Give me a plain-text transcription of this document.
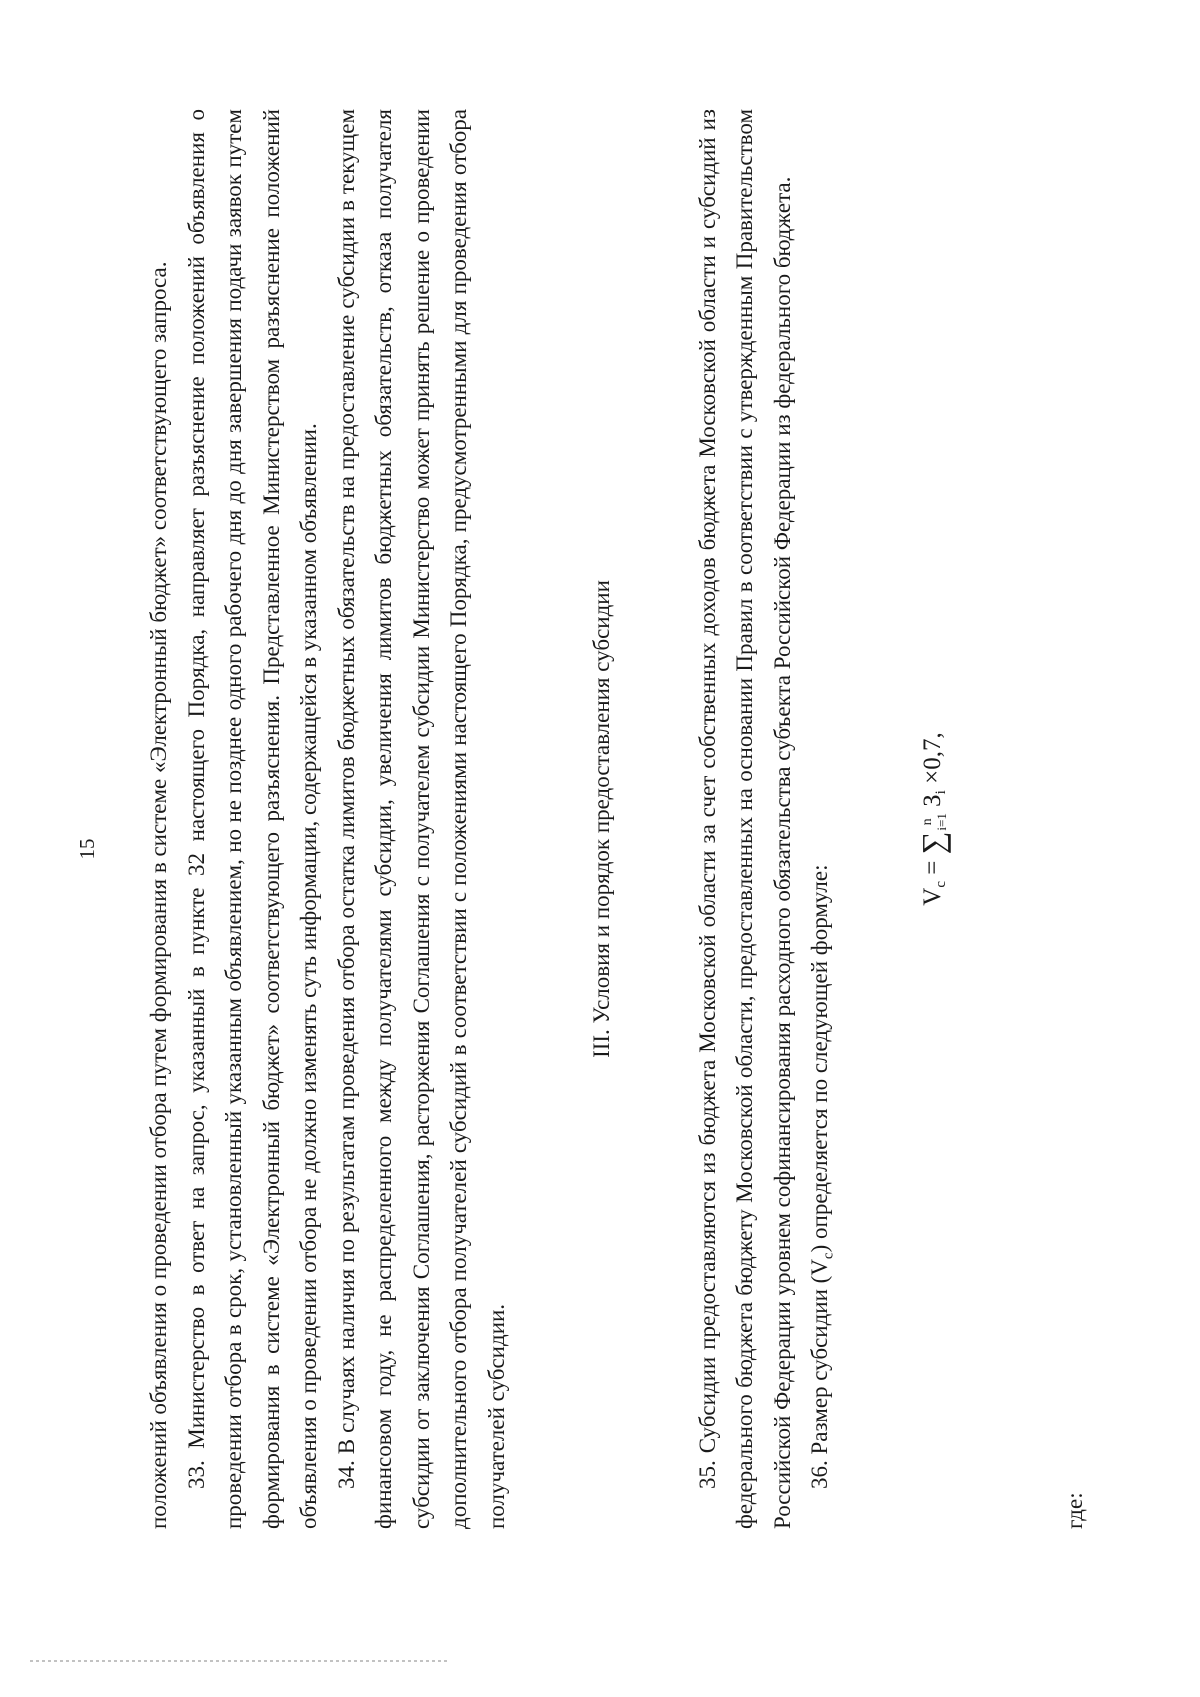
15 положений объявления о проведении отбора путем формирования в системе «Электронный бюджет» соответствующего запроса. 33. Министерство в ответ на запрос, указанный в пункте 32 настоящего Порядка, направляет разъяснение положений объявления о проведении отбора в срок, установленный указанным объявлением, но не позднее одного рабочего дня до дня завершения подачи заявок путем формирования в системе «Электронный бюджет» соответствующего разъяснения. Представленное Министерством разъяснение положений объявления о проведении отбора не должно изменять суть информации, содержащейся в указанном объявлении. 34. В случаях наличия по результатам проведения отбора остатка лимитов бюджетных обязательств на предоставление субсидии в текущем финансовом году, не распределенного между получателями субсидии, увеличения лимитов бюджетных обязательств, отказа получателя субсидии от заключения Соглашения, расторжения Соглашения с получателем субсидии Министерство может принять решение о проведении дополнительного отбора получателей субсидий в соответствии с положениями настоящего Порядка, предусмотренными для проведения отбора получателей субсидии.

III. Условия и порядок предоставления субсидии	35. Субсидии предоставляются из бюджета Московской области за счет собственных доходов бюджета Московской области и субсидий из федерального бюджета бюджету Московской области, предоставленных на основании Правил в соответствии с утвержденным Правительством Российской Федерации уровнем софинансирования расходного обязательства субъекта Российской Федерации из федерального бюджета. 36. Размер субсидии $(V_с)$ определяется по следующей формуле:	$V_с = \sum n$
i=1 $З_i \times 0,7$,
где:
